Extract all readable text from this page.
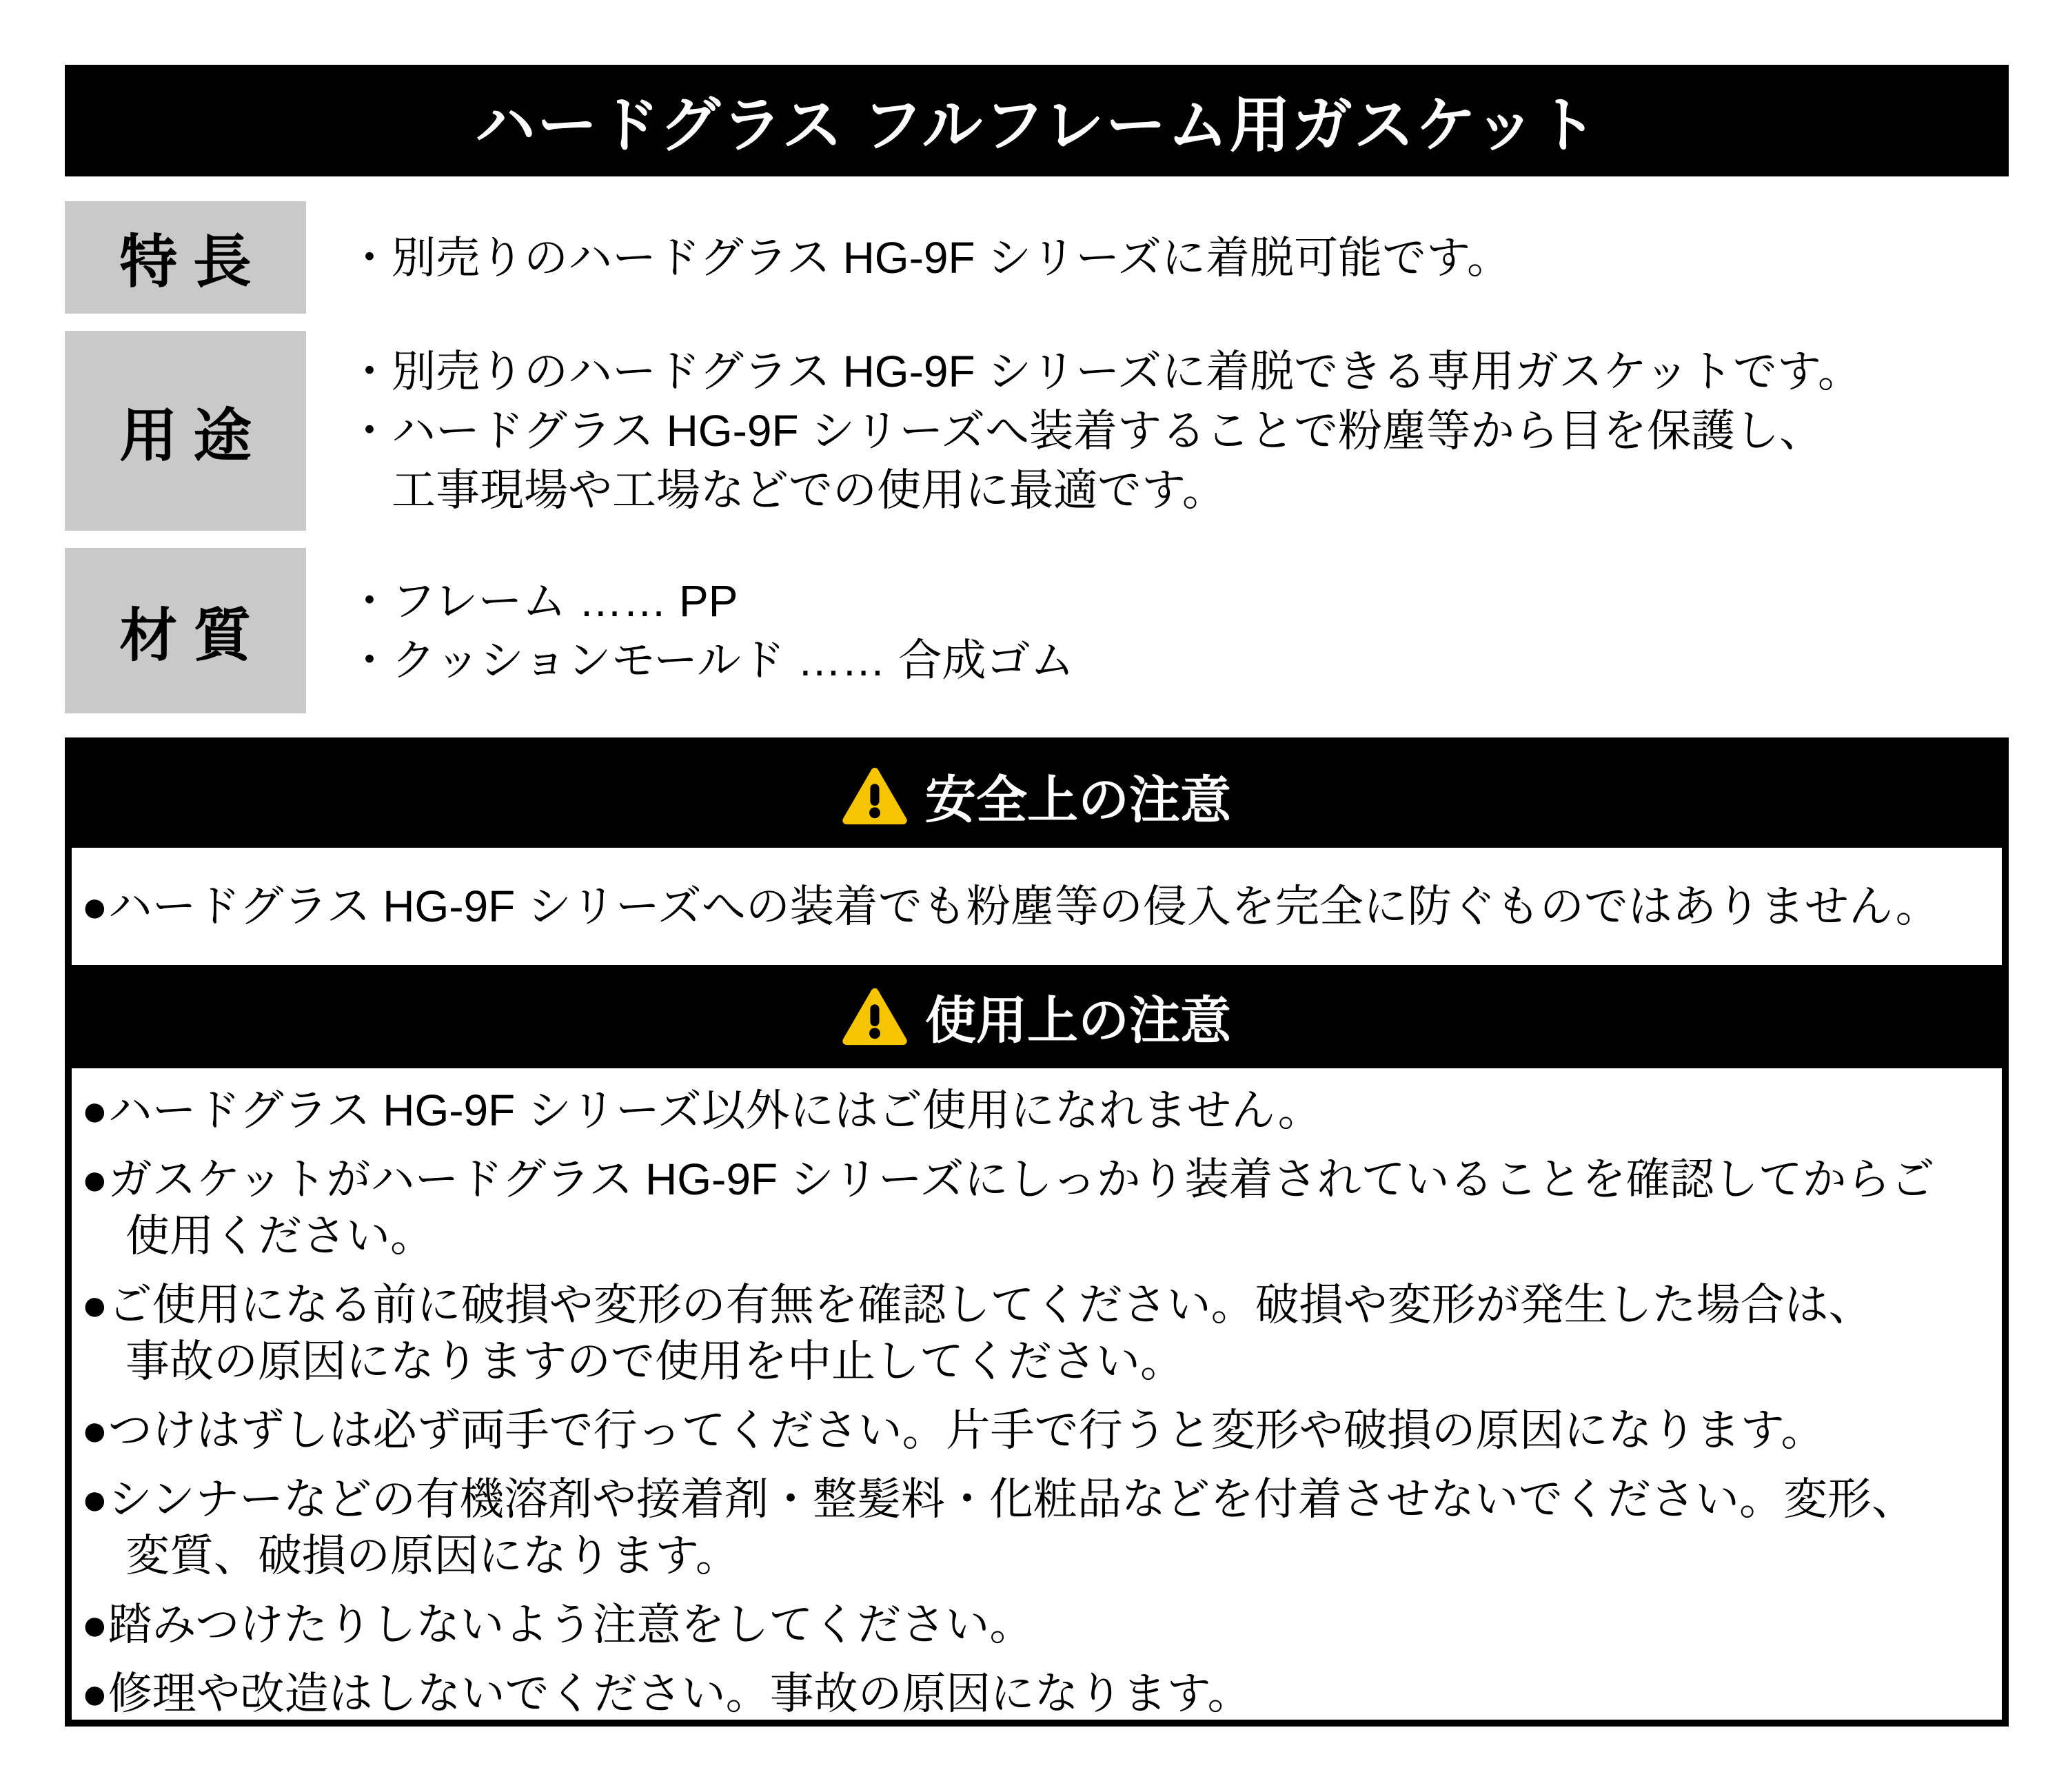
ハードグラス フルフレーム用ガスケット
特 長	・別売りのハードグラス HG-9F シリーズに着脱可能です。
用 途
・別売りのハードグラス HG-9F シリーズに着脱できる専用ガスケットです。
・ハードグラス HG-9F シリーズへ装着することで粉塵等から目を保護し、
　工事現場や工場などでの使用に最適です。
材 質
・フレーム …… PP
・クッションモールド …… 合成ゴム
安全上の注意
●ハードグラス HG-9F シリーズへの装着でも粉塵等の侵入を完全に防ぐものではありません。
使用上の注意
●ハードグラス HG-9F シリーズ以外にはご使用になれません。
●ガスケットがハードグラス HG-9F シリーズにしっかり装着されていることを確認してからご
　使用ください。
●ご使用になる前に破損や変形の有無を確認してください。破損や変形が発生した場合は、
　事故の原因になりますので使用を中止してください。
●つけはずしは必ず両手で行ってください。片手で行うと変形や破損の原因になります。
●シンナーなどの有機溶剤や接着剤・整髪料・化粧品などを付着させないでください。変形、
　変質、破損の原因になります。
●踏みつけたりしないよう注意をしてください。
●修理や改造はしないでください。事故の原因になります。
